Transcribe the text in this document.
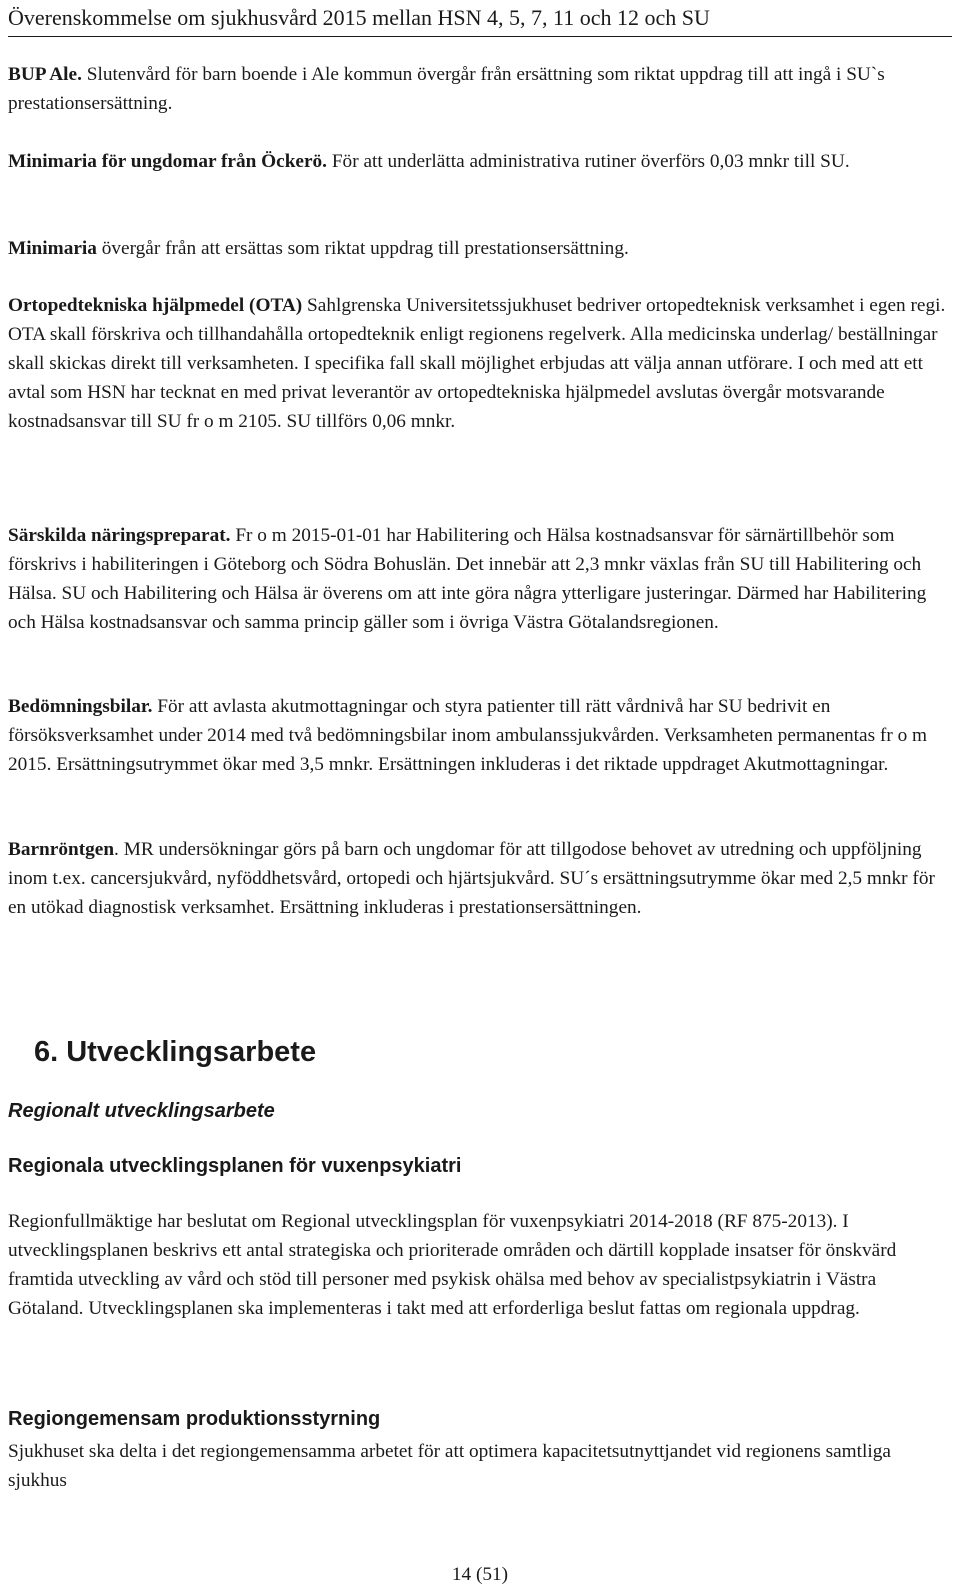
Överenskommelse om sjukhusvård 2015 mellan HSN 4, 5, 7, 11 och 12 och SU

BUP Ale. Slutenvård för barn boende i Ale kommun övergår från ersättning som riktat uppdrag till att ingå i SU`s prestationsersättning.

Minimaria för ungdomar från Öckerö. För att underlätta administrativa rutiner överförs 0,03 mnkr till SU.

Minimaria övergår från att ersättas som riktat uppdrag till prestationsersättning.

Ortopedtekniska hjälpmedel (OTA) Sahlgrenska Universitetssjukhuset bedriver ortopedteknisk verksamhet i egen regi. OTA skall förskriva och tillhandahålla ortopedteknik enligt regionens regelverk. Alla medicinska underlag/ beställningar skall skickas direkt till verksamheten. I specifika fall skall möjlighet erbjudas att välja annan utförare. I och med att ett avtal som HSN har tecknat en med privat leverantör av ortopedtekniska hjälpmedel avslutas övergår motsvarande kostnadsansvar till SU fr o m 2105. SU tillförs 0,06 mnkr.

Särskilda näringspreparat. Fr o m 2015-01-01 har Habilitering och Hälsa kostnadsansvar för särnärtillbehör som förskrivs i habiliteringen i Göteborg och Södra Bohuslän. Det innebär att 2,3 mnkr växlas från SU till Habilitering och Hälsa. SU och Habilitering och Hälsa är överens om att inte göra några ytterligare justeringar. Därmed har Habilitering och Hälsa kostnadsansvar och samma princip gäller som i övriga Västra Götalandsregionen.

Bedömningsbilar. För att avlasta akutmottagningar och styra patienter till rätt vårdnivå har SU bedrivit en försöksverksamhet under 2014 med två bedömningsbilar inom ambulanssjukvården. Verksamheten permanentas fr o m 2015. Ersättningsutrymmet ökar med 3,5 mnkr. Ersättningen inkluderas i det riktade uppdraget Akutmottagningar.

Barnröntgen. MR undersökningar görs på barn och ungdomar för att tillgodose behovet av utredning och uppföljning inom t.ex. cancersjukvård, nyföddhetsvård, ortopedi och hjärtsjukvård. SU´s ersättningsutrymme ökar med 2,5 mnkr för en utökad diagnostisk verksamhet. Ersättning inkluderas i prestationsersättningen.

6. Utvecklingsarbete
Regionalt utvecklingsarbete
Regionala utvecklingsplanen för vuxenpsykiatri

Regionfullmäktige har beslutat om Regional utvecklingsplan för vuxenpsykiatri 2014-2018 (RF 875-2013). I utvecklingsplanen beskrivs ett antal strategiska och prioriterade områden och därtill kopplade insatser för önskvärd framtida utveckling av vård och stöd till personer med psykisk ohälsa med behov av specialistpsykiatrin i Västra Götaland. Utvecklingsplanen ska implementeras i takt med att erforderliga beslut fattas om regionala uppdrag.

Regiongemensam produktionsstyrning

Sjukhuset ska delta i det regiongemensamma arbetet för att optimera kapacitetsutnyttjandet vid regionens samtliga sjukhus

14 (51)
